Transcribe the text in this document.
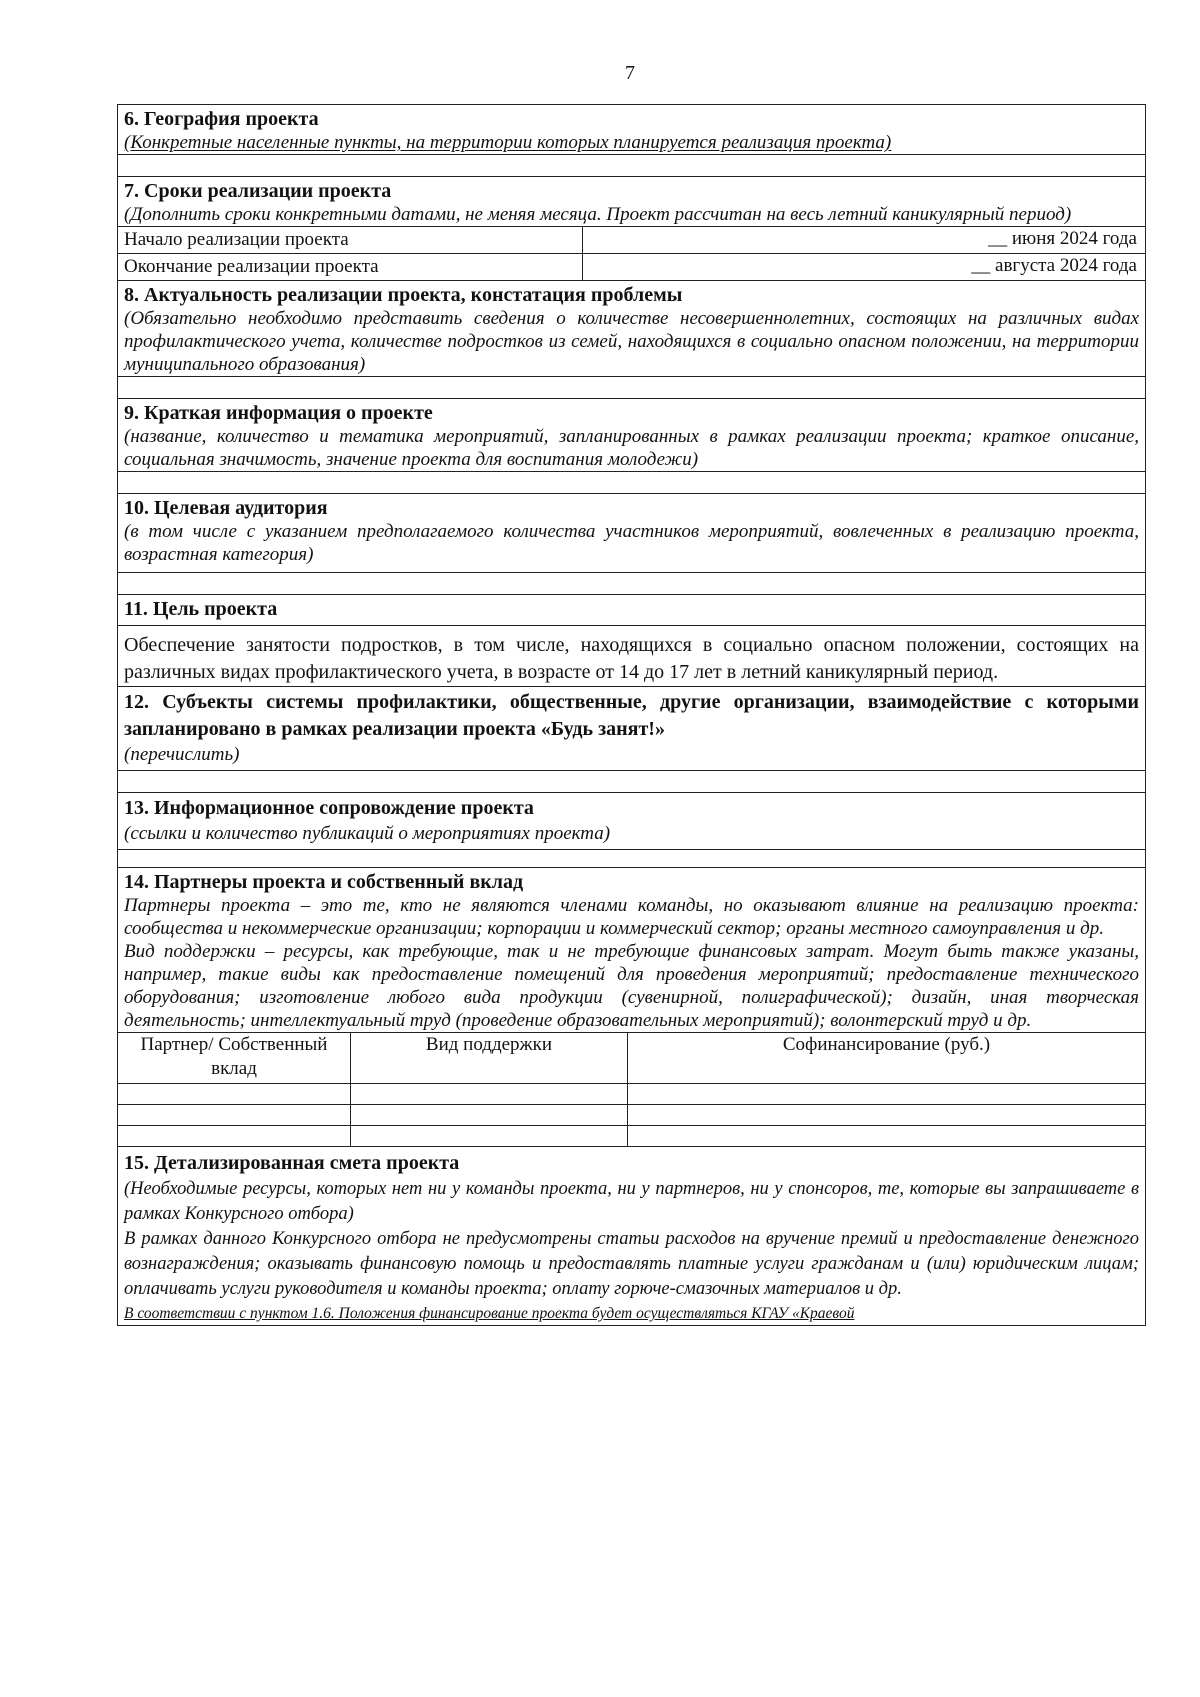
7
6. География проекта
(Конкретные населенные пункты, на территории которых планируется реализация проекта)
7. Сроки реализации проекта
(Дополнить сроки конкретными датами, не меняя месяца. Проект рассчитан на весь летний каникулярный период)
Начало реализации проекта	__ июня 2024 года
Окончание реализации проекта	__ августа 2024 года
8. Актуальность реализации проекта, констатация проблемы
(Обязательно необходимо представить сведения о количестве несовершеннолетних, состоящих на различных видах профилактического учета, количестве подростков из семей, находящихся в социально опасном положении, на территории муниципального образования)
9. Краткая информация о проекте
(название, количество и тематика мероприятий, запланированных в рамках реализации проекта; краткое описание, социальная значимость, значение проекта для воспитания молодежи)
10. Целевая аудитория
(в том числе с указанием предполагаемого количества участников мероприятий, вовлеченных в реализацию проекта, возрастная категория)
11. Цель проекта
Обеспечение занятости подростков, в том числе, находящихся в социально опасном положении, состоящих на различных видах профилактического учета, в возрасте от 14 до 17 лет в летний каникулярный период.
12. Субъекты системы профилактики, общественные, другие организации, взаимодействие с которыми запланировано в рамках реализации проекта «Будь занят!»
(перечислить)
13. Информационное сопровождение проекта
(ссылки и количество публикаций о мероприятиях проекта)
14. Партнеры проекта и собственный вклад
Партнеры проекта – это те, кто не являются членами команды, но оказывают влияние на реализацию проекта: сообщества и некоммерческие организации; корпорации и коммерческий сектор; органы местного самоуправления и др.
Вид поддержки – ресурсы, как требующие, так и не требующие финансовых затрат. Могут быть также указаны, например, такие виды как предоставление помещений для проведения мероприятий; предоставление технического оборудования; изготовление любого вида продукции (сувенирной, полиграфической); дизайн, иная творческая деятельность; интеллектуальный труд (проведение образовательных мероприятий); волонтерский труд и др.
Партнер/ Собственный вклад	Вид поддержки	Софинансирование (руб.)

15. Детализированная смета проекта
(Необходимые ресурсы, которых нет ни у команды проекта, ни у партнеров, ни у спонсоров, те, которые вы запрашиваете в рамках Конкурсного отбора)
В рамках данного Конкурсного отбора не предусмотрены статьи расходов на вручение премий и предоставление денежного вознаграждения; оказывать финансовую помощь и предоставлять платные услуги гражданам и (или) юридическим лицам; оплачивать услуги руководителя и команды проекта; оплату горюче-смазочных материалов и др.
В соответствии с пунктом 1.6. Положения финансирование проекта будет осуществляться КГАУ «Краевой
